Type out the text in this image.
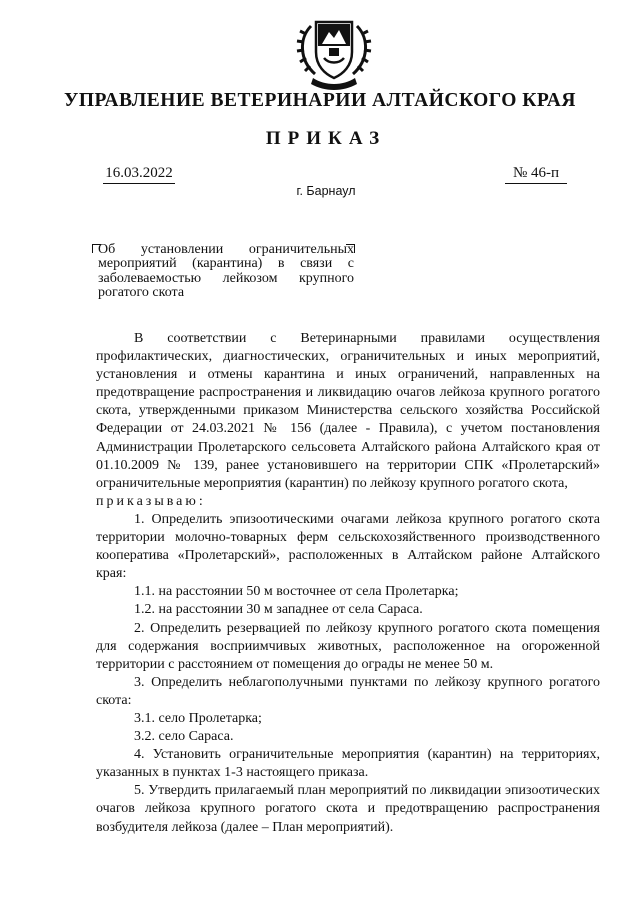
УПРАВЛЕНИЕ ВЕТЕРИНАРИИ АЛТАЙСКОГО КРАЯ
ПРИКАЗ
16.03.2022	№ 46-п
г. Барнаул
Об установлении ограничительных мероприятий (карантина) в связи с заболеваемостью лейкозом крупного рогатого скота

В соответствии с Ветеринарными правилами осуществления профилактических, диагностических, ограничительных и иных мероприятий, установления и отмены карантина и иных ограничений, направленных на предотвращение распространения и ликвидацию очагов лейкоза крупного рогатого скота, утвержденными приказом Министерства сельского хозяйства Российской Федерации от 24.03.2021 № 156 (далее - Правила), с учетом постановления Администрации Пролетарского сельсовета Алтайского района Алтайского края от 01.10.2009 № 139, ранее установившего на территории СПК «Пролетарский» ограничительные мероприятия (карантин) по лейкозу крупного рогатого скота,

приказываю:

1. Определить эпизоотическими очагами лейкоза крупного рогатого скота территории молочно-товарных ферм сельскохозяйственного производственного кооператива «Пролетарский», расположенных в Алтайском районе Алтайского края:

1.1. на расстоянии 50 м восточнее от села Пролетарка;

1.2. на расстоянии 30 м западнее от села Сараса.

2. Определить резервацией по лейкозу крупного рогатого скота помещения для содержания восприимчивых животных, расположенное на огороженной территории с расстоянием от помещения до ограды не менее 50 м.

3. Определить неблагополучными пунктами по лейкозу крупного рогатого скота:

3.1. село Пролетарка;

3.2. село Сараса.

4. Установить ограничительные мероприятия (карантин) на территориях, указанных в пунктах 1-3 настоящего приказа.

5. Утвердить прилагаемый план мероприятий по ликвидации эпизоотических очагов лейкоза крупного рогатого скота и предотвращению распространения возбудителя лейкоза (далее – План мероприятий).
